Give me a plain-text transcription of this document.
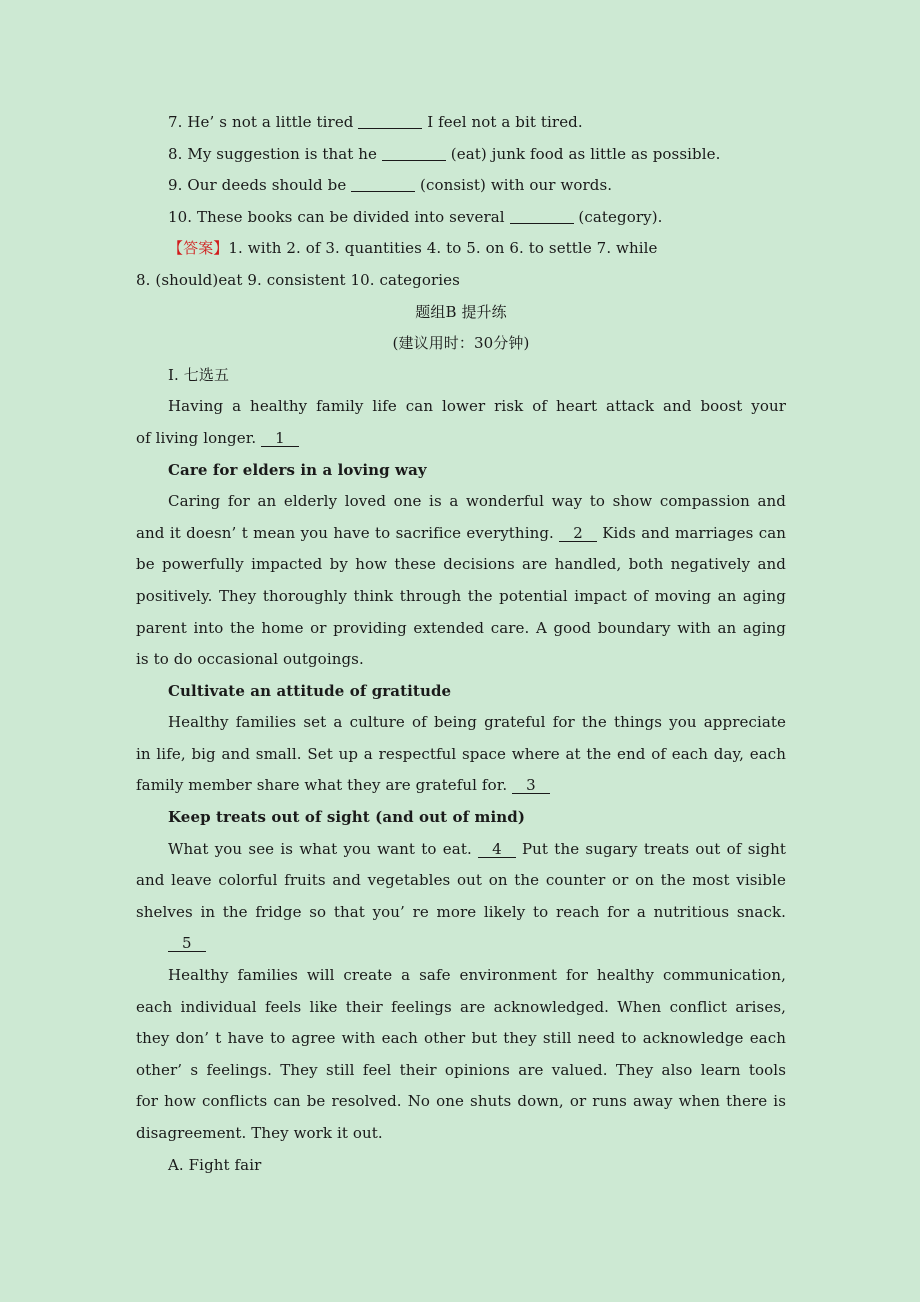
7. He’ s not a little tired	I feel not a bit tired.
8. My suggestion is that he	(eat) junk food as little as possible.
9. Our deeds should be	(consist) with our words.
10. These books can be divided into several	(category).
【答案】1. with 2. of 3. quantities 4. to 5. on 6. to settle 7. while
8. (should)eat 9. consistent 10. categories
题组B 提升练
(建议用时：30分钟)
Ⅰ. 七选五
Having a healthy family life can lower risk of heart attack and boost your
of living longer. 1
Care for elders in a loving way
Caring for an elderly loved one is a wonderful way to show compassion and
and it doesn’ t mean you have to sacrifice everything. 2 Kids and marriages can
be powerfully impacted by how these decisions are handled, both negatively and
positively. They thoroughly think through the potential impact of moving an aging
parent into the home or providing extended care. A good boundary with an aging
is to do occasional outgoings.
Cultivate an attitude of gratitude
Healthy families set a culture of being grateful for the things you appreciate
in life, big and small. Set up a respectful space where at the end of each day, each
family member share what they are grateful for. 3
Keep treats out of sight (and out of mind)
What you see is what you want to eat. 4 Put the sugary treats out of sight
and leave colorful fruits and vegetables out on the counter or on the most visible
shelves in the fridge so that you’ re more likely to reach for a nutritious snack.
5
Healthy families will create a safe environment for healthy communication,
each individual feels like their feelings are acknowledged. When conflict arises,
they don’ t have to agree with each other but they still need to acknowledge each
other’ s feelings. They still feel their opinions are valued. They also learn tools
for how conflicts can be resolved. No one shuts down, or runs away when there is
disagreement. They work it out.
A. Fight fair
